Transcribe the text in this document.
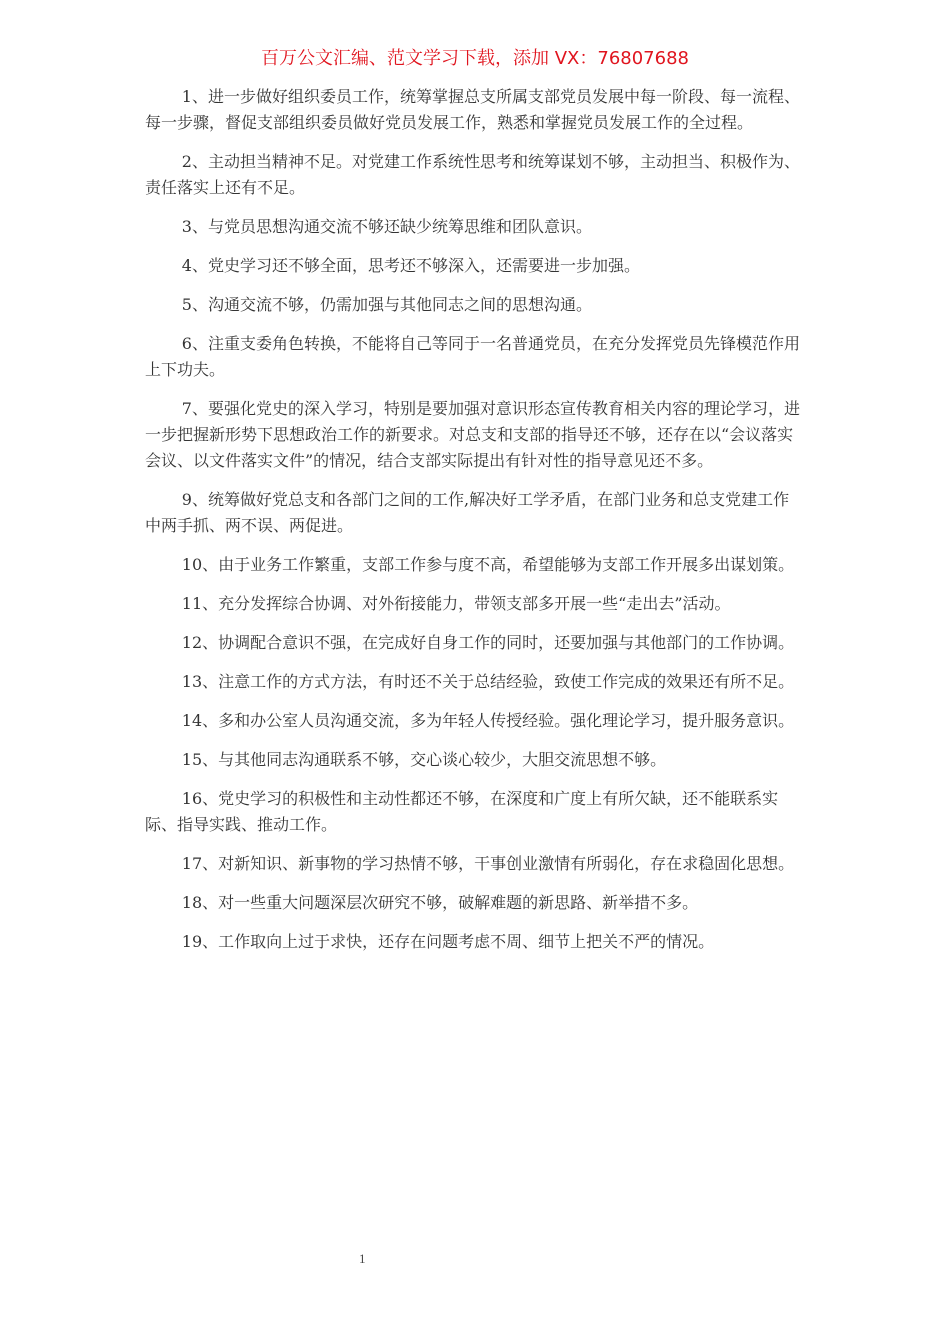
百万公文汇编、范文学习下载，添加 VX：76807688

1、进一步做好组织委员工作，统筹掌握总支所属支部党员发展中每一阶段、每一流程、每一步骤，督促支部组织委员做好党员发展工作，熟悉和掌握党员发展工作的全过程。

2、主动担当精神不足。对党建工作系统性思考和统筹谋划不够，主动担当、积极作为、责任落实上还有不足。

3、与党员思想沟通交流不够还缺少统筹思维和团队意识。

4、党史学习还不够全面，思考还不够深入，还需要进一步加强。

5、沟通交流不够，仍需加强与其他同志之间的思想沟通。

6、注重支委角色转换，不能将自己等同于一名普通党员，在充分发挥党员先锋模范作用上下功夫。

7、要强化党史的深入学习，特别是要加强对意识形态宣传教育相关内容的理论学习，进一步把握新形势下思想政治工作的新要求。对总支和支部的指导还不够，还存在以“会议落实会议、以文件落实文件”的情况，结合支部实际提出有针对性的指导意见还不多。

9、统筹做好党总支和各部门之间的工作,解决好工学矛盾，在部门业务和总支党建工作中两手抓、两不误、两促进。

10、由于业务工作繁重，支部工作参与度不高，希望能够为支部工作开展多出谋划策。

11、充分发挥综合协调、对外衔接能力，带领支部多开展一些“走出去”活动。

12、协调配合意识不强，在完成好自身工作的同时，还要加强与其他部门的工作协调。

13、注意工作的方式方法，有时还不关于总结经验，致使工作完成的效果还有所不足。

14、多和办公室人员沟通交流，多为年轻人传授经验。强化理论学习，提升服务意识。

15、与其他同志沟通联系不够，交心谈心较少，大胆交流思想不够。

16、党史学习的积极性和主动性都还不够，在深度和广度上有所欠缺，还不能联系实际、指导实践、推动工作。

17、对新知识、新事物的学习热情不够，干事创业激情有所弱化，存在求稳固化思想。

18、对一些重大问题深层次研究不够，破解难题的新思路、新举措不多。

19、工作取向上过于求快，还存在问题考虑不周、细节上把关不严的情况。

1
